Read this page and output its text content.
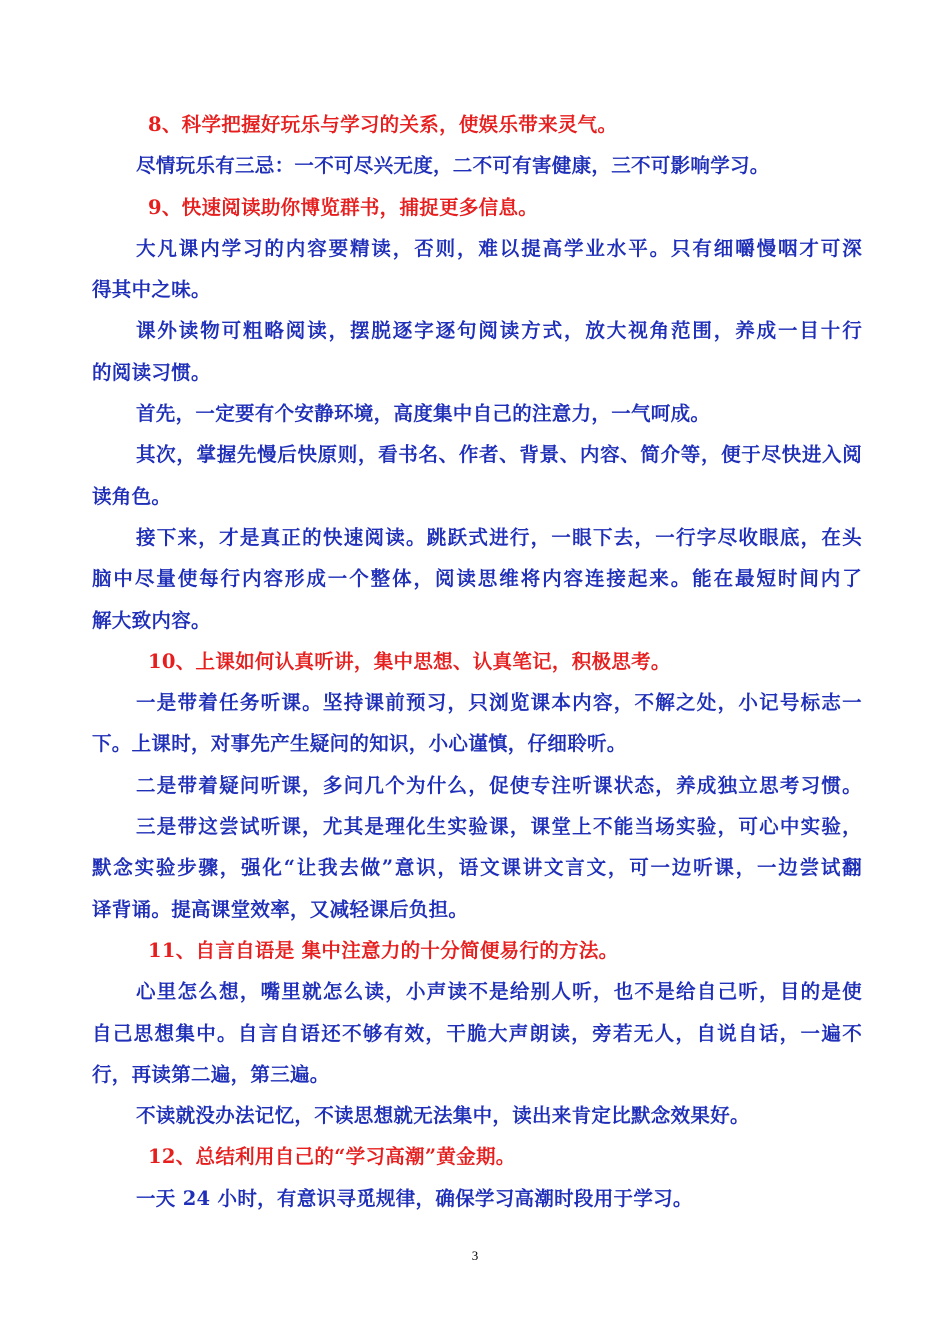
8、科学把握好玩乐与学习的关系，使娱乐带来灵气。
尽情玩乐有三忌：一不可尽兴无度，二不可有害健康，三不可影响学习。
9、快速阅读助你博览群书，捕捉更多信息。
大凡课内学习的内容要精读，否则，难以提高学业水平。只有细嚼慢咽才可深
得其中之味。
课外读物可粗略阅读，摆脱逐字逐句阅读方式，放大视角范围，养成一目十行
的阅读习惯。
首先，一定要有个安静环境，高度集中自己的注意力，一气呵成。
其次，掌握先慢后快原则，看书名、作者、背景、内容、简介等，便于尽快进入阅
读角色。
接下来，才是真正的快速阅读。跳跃式进行，一眼下去，一行字尽收眼底，在头
脑中尽量使每行内容形成一个整体，阅读思维将内容连接起来。能在最短时间内了
解大致内容。
10、上课如何认真听讲，集中思想、认真笔记，积极思考。
一是带着任务听课。坚持课前预习，只浏览课本内容，不解之处，小记号标志一
下。上课时，对事先产生疑问的知识，小心谨慎，仔细聆听。
二是带着疑问听课，多问几个为什么，促使专注听课状态，养成独立思考习惯。
三是带这尝试听课，尤其是理化生实验课，课堂上不能当场实验，可心中实验，
默念实验步骤，强化“让我去做”意识，语文课讲文言文，可一边听课，一边尝试翻
译背诵。提高课堂效率，又减轻课后负担。
11、自言自语是 集中注意力的十分简便易行的方法。
心里怎么想，嘴里就怎么读，小声读不是给别人听，也不是给自己听，目的是使
自己思想集中。自言自语还不够有效，干脆大声朗读，旁若无人，自说自话，一遍不
行，再读第二遍，第三遍。
不读就没办法记忆，不读思想就无法集中，读出来肯定比默念效果好。
12、总结利用自己的“学习高潮”黄金期。
一天 24 小时，有意识寻觅规律，确保学习高潮时段用于学习。
3
